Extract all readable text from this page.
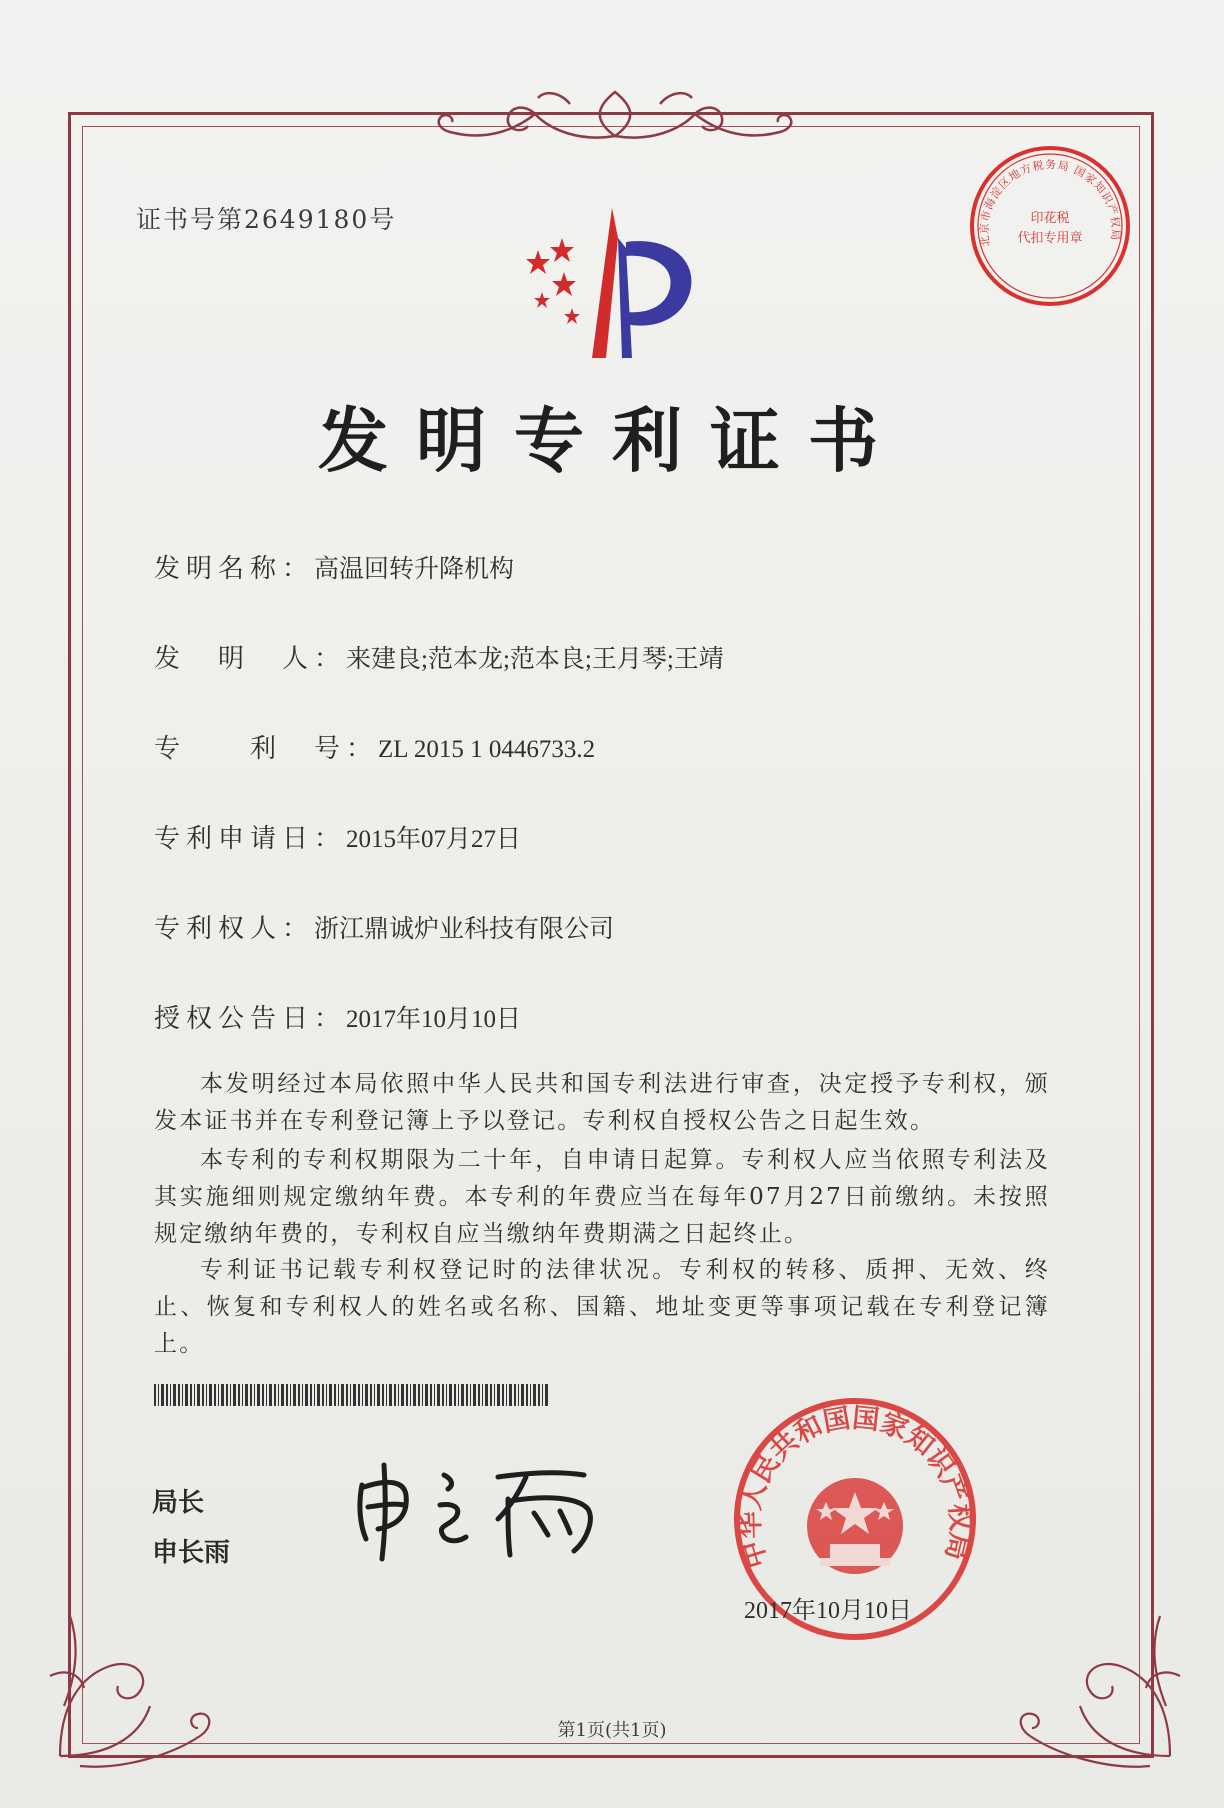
证书号第2649180号
北京市海淀区地方税务局 国家知识产权局
印花税
代扣专用章
发明专利证书
发明名称：高温回转升降机构
发　明　人：来建良;范本龙;范本良;王月琴;王靖
专　　利　号：ZL 2015 1 0446733.2
专利申请日：2015年07月27日
专利权人：浙江鼎诚炉业科技有限公司
授权公告日：2017年10月10日
本发明经过本局依照中华人民共和国专利法进行审查，决定授予专利权，颁发本证书并在专利登记簿上予以登记。专利权自授权公告之日起生效。
本专利的专利权期限为二十年，自申请日起算。专利权人应当依照专利法及其实施细则规定缴纳年费。本专利的年费应当在每年07月27日前缴纳。未按照规定缴纳年费的，专利权自应当缴纳年费期满之日起终止。
专利证书记载专利权登记时的法律状况。专利权的转移、质押、无效、终止、恢复和专利权人的姓名或名称、国籍、地址变更等事项记载在专利登记簿上。
局长
申长雨	中华人民共和国国家知识产权局
2017年10月10日
第1页(共1页)
